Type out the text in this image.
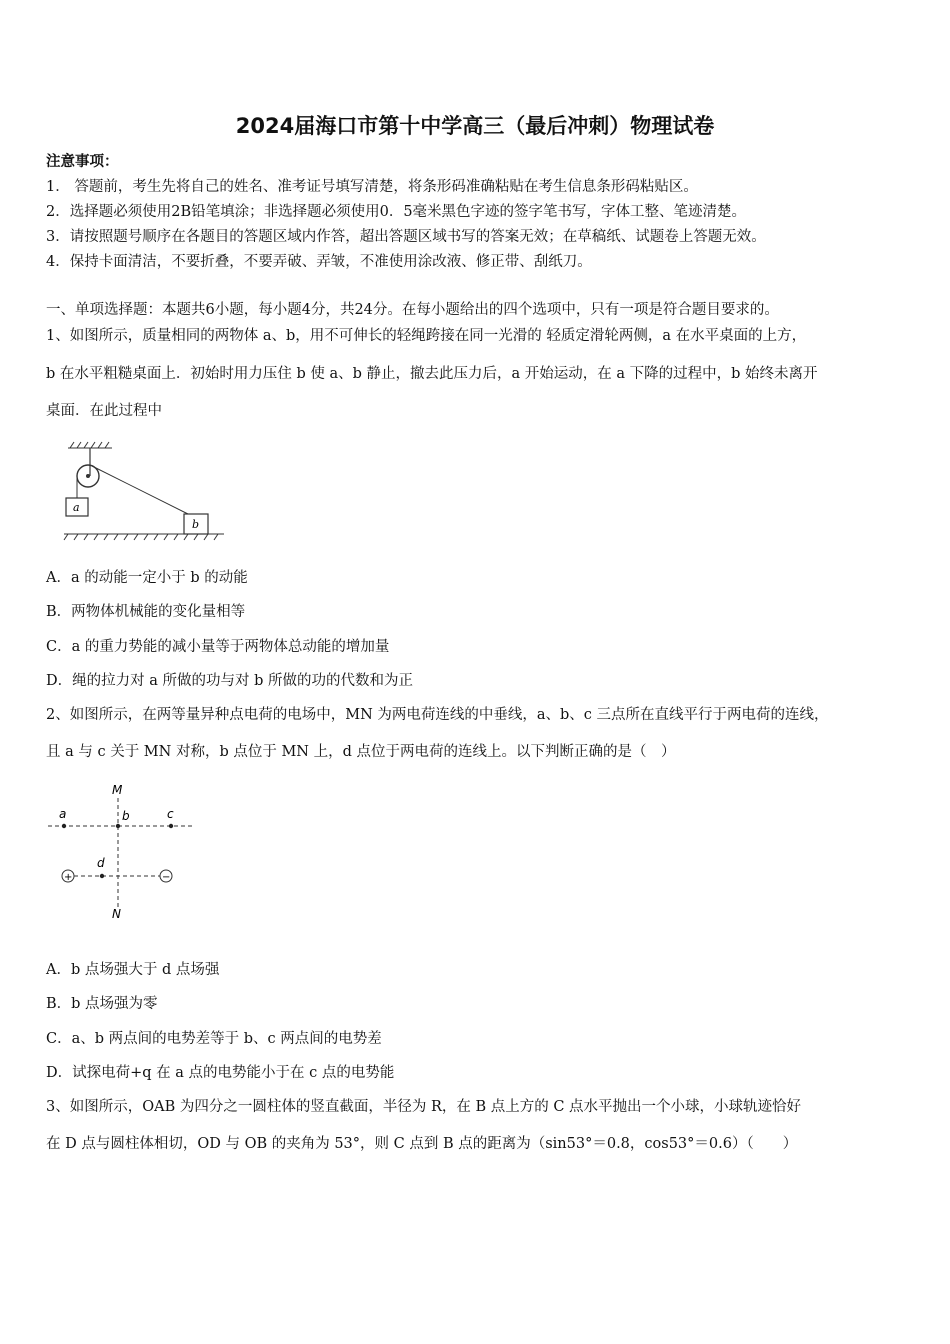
2024届海口市第十中学高三（最后冲刺）物理试卷
注意事项：
1． 答题前，考生先将自己的姓名、准考证号填写清楚，将条形码准确粘贴在考生信息条形码粘贴区。
2．选择题必须使用2B铅笔填涂；非选择题必须使用0．5毫米黑色字迹的签字笔书写，字体工整、笔迹清楚。
3．请按照题号顺序在各题目的答题区域内作答，超出答题区域书写的答案无效；在草稿纸、试题卷上答题无效。
4．保持卡面清洁，不要折叠，不要弄破、弄皱，不准使用涂改液、修正带、刮纸刀。
一、单项选择题：本题共6小题，每小题4分，共24分。在每小题给出的四个选项中，只有一项是符合题目要求的。
1、如图所示，质量相同的两物体 a、b，用不可伸长的轻绳跨接在同一光滑的 轻质定滑轮两侧，a 在水平桌面的上方，
b 在水平粗糙桌面上．初始时用力压住 b 使 a、b 静止，撤去此压力后，a 开始运动，在 a 下降的过程中，b 始终未离开
桌面．在此过程中
a
b
A．a 的动能一定小于 b 的动能
B．两物体机械能的变化量相等
C．a 的重力势能的减小量等于两物体总动能的增加量
D．绳的拉力对 a 所做的功与对 b 所做的功的代数和为正
2、如图所示，在两等量异种点电荷的电场中，MN 为两电荷连线的中垂线，a、b、c 三点所在直线平行于两电荷的连线，
且 a 与 c 关于 MN 对称，b 点位于 MN 上，d 点位于两电荷的连线上。以下判断正确的是（　）
M
N
a	b	c
d
+	−
A．b 点场强大于 d 点场强
B．b 点场强为零
C．a、b 两点间的电势差等于 b、c 两点间的电势差
D．试探电荷+q 在 a 点的电势能小于在 c 点的电势能
3、如图所示，OAB 为四分之一圆柱体的竖直截面，半径为 R，在 B 点上方的 C 点水平抛出一个小球，小球轨迹恰好
在 D 点与圆柱体相切，OD 与 OB 的夹角为 53°，则 C 点到 B 点的距离为（sin53°＝0.8，cos53°＝0.6）（　　）
